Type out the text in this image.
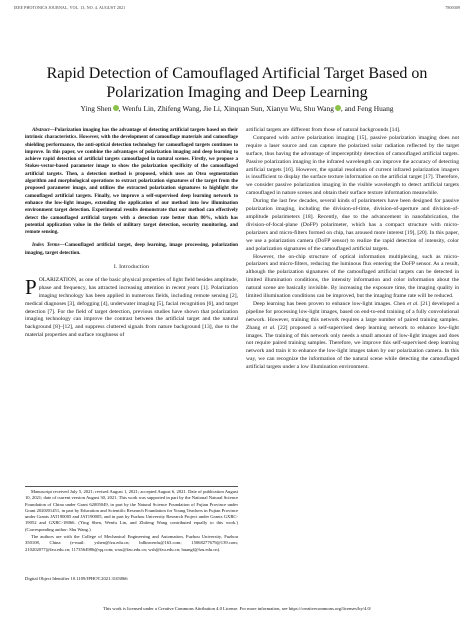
IEEE PHOTONICS JOURNAL, VOL. 13, NO. 4, AUGUST 2021	7800309
Rapid Detection of Camouflaged Artificial Target Based on Polarization Imaging and Deep Learning
Ying Shen , Wenfu Lin, Zhifeng Wang, Jie Li, Xinquan Sun, Xianyu Wu, Shu Wang , and Feng Huang

Abstract—Polarization imaging has the advantage of detecting artificial targets based on their intrinsic characteristics. However, with the development of camouflage materials and camouflage shielding performance, the anti-optical detection technology for camouflaged targets continues to improve. In this paper, we combine the advantages of polarization imaging and deep learning to achieve rapid detection of artificial targets camouflaged in natural scenes. Firstly, we propose a Stokes-vector-based parameter image to show the polarization specificity of the camouflaged artificial targets. Then, a detection method is proposed, which uses an Otsu segmentation algorithm and morphological operations to extract polarization signatures of the target from the proposed parameter image, and utilizes the extracted polarization signatures to highlight the camouflaged artificial targets. Finally, we improve a self-supervised deep learning network to enhance the low-light images, extending the application of our method into low illumination environment target detection. Experimental results demonstrate that our method can effectively detect the camouflaged artificial targets with a detection rate better than 80%, which has potential application value in the fields of military target detection, security monitoring, and remote sensing.

Index Terms—Camouflaged artificial target, deep learning, image processing, polarization imaging, target detection.

I. Introduction

POLARIZATION, as one of the basic physical properties of light field besides amplitude, phase and frequency, has attracted increasing attention in recent years [1]. Polarization imaging technology has been applied in numerous fields, including remote sensing [2], medical diagnoses [3], defogging [4], underwater imaging [5], facial recognition [6], and target detection [7]. For the field of target detection, previous studies have shown that polarization imaging technology can improve the contrast between the artificial target and the natural background [8]–[12], and suppress cluttered signals from nature background [13], due to the material properties and surface roughness of

Manuscript received July 5, 2021; revised August 1, 2021; accepted August 6, 2021. Date of publication August 10, 2021; date of current version August 30, 2021. This work was supported in part by the National Natural Science Foundation of China under Grant 62005049, in part by the Natural Science Foundation of Fujian Province under Grant 2020J01451, in part by Education and Scientific Research Foundation for Young Teachers in Fujian Province under Grants JAT190005 and JAT190005, and in part by Fuzhou University Research Project under Grants GXRC-19052 and GXRC-18066. (Ying Shen, Wenfu Lin, and Zhifeng Wang contributed equally to this work.) (Corresponding author: Shu Wang.)

The authors are with the College of Mechanical Engineering and Automation, Fuzhou University, Fuzhou 350108, China (e-mail: yshen@fzu.edu.cn; bdlinwenfu@163.com; 15068277679@139.com; 210202077@fzu.edu.cn; 1173564986@qq.com; wxu@fzu.edu.cn; wsh@fzu.edu.cn; huangf@fzu.edu.cn).

Digital Object Identifier 10.1109/JPHOT.2021.3103866

artificial targets are different from those of natural backgrounds [14].

Compared with active polarization imaging [15], passive polarization imaging does not require a laser source and can capture the polarized solar radiation reflected by the target surface, thus having the advantage of imperceptibly detection of camouflaged artificial targets. Passive polarization imaging in the infrared wavelength can improve the accuracy of detecting artificial targets [16]. However, the spatial resolution of current infrared polarization imagers is insufficient to display the surface texture information on the artificial target [17]. Therefore, we consider passive polarization imaging in the visible wavelength to detect artificial targets camouflaged in nature scenes and obtain their surface texture information meanwhile.

During the last few decades, several kinds of polarimeters have been designed for passive polarization imaging, including the division-of-time, division-of-aperture and division-of-amplitude polarimeters [18]. Recently, due to the advancement in nanofabrication, the division-of-focal-plane (DoFP) polarimeter, which has a compact structure with micro-polarizers and micro-filters formed on chip, has aroused more interest [19], [20]. In this paper, we use a polarization camera (DoFP sensor) to realize the rapid detection of intensity, color and polarization signatures of the camouflaged artificial targets.

However, the on-chip structure of optical information multiplexing, such as micro-polarizers and micro-filters, reducing the luminous flux entering the DoFP sensor. As a result, although the polarization signatures of the camouflaged artificial targets can be detected in limited illumination conditions, the intensity information and color information about the natural scene are basically invisible. By increasing the exposure time, the imaging quality in limited illumination conditions can be improved, but the imaging frame rate will be reduced.

Deep learning has been proven to enhance low-light images. Chen et al. [21] developed a pipeline for processing low-light images, based on end-to-end training of a fully convolutional network. However, training this network requires a large number of paired training samples. Zhang et al. [22] proposed a self-supervised deep learning network to enhance low-light images. The training of this network only needs a small amount of low-light images and does not require paired training samples. Therefore, we improve this self-supervised deep learning network and train it to enhance the low-light images taken by our polarization camera. In this way, we can recognize the information of the natural scene while detecting the camouflaged artificial targets under a low illumination environment.

This work is licensed under a Creative Commons Attribution 4.0 License. For more information, see https://creativecommons.org/licenses/by/4.0/
